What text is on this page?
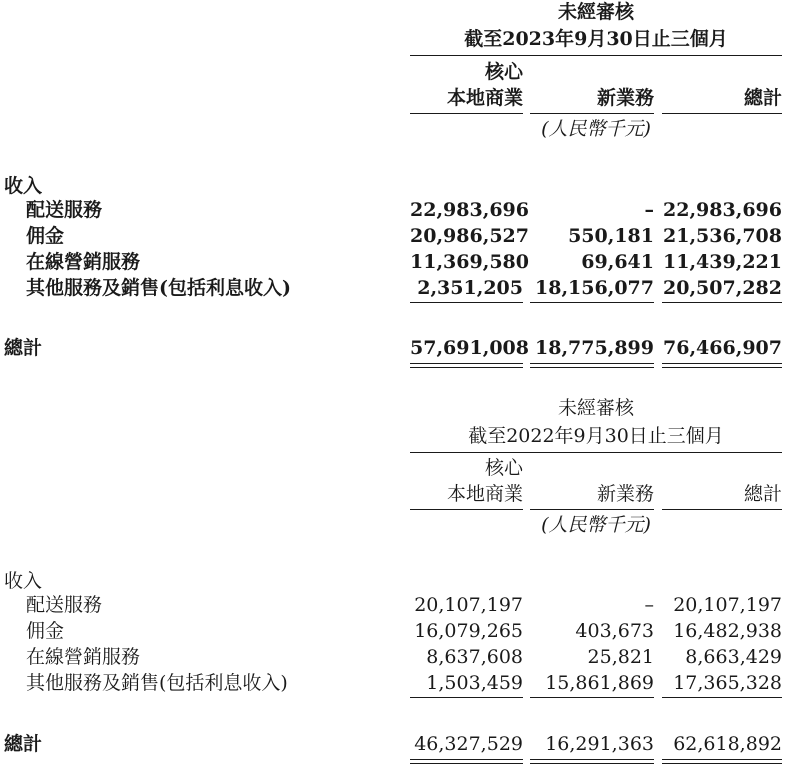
未經審核
截至2023年9月30日止三個月
核心
本地商業	新業務	總計
(人民幣千元)
收入
配送服務	22,983,696	– 22,983,696
佣金	20,986,527	550,181 21,536,708
在線營銷服務	11,369,580	69,641 11,439,221
其他服務及銷售(包括利息收入)	2,351,205 18,156,077 20,507,282
總計	57,691,008 18,775,899 76,466,907
未經審核
截至2022年9月30日止三個月
核心
本地商業	新業務	總計
(人民幣千元)
收入
配送服務	20,107,197	–	20,107,197
佣金	16,079,265	403,673	16,482,938
在線營銷服務	8,637,608	25,821	8,663,429
其他服務及銷售(包括利息收入)	1,503,459	15,861,869	17,365,328
總計	46,327,529	16,291,363	62,618,892
